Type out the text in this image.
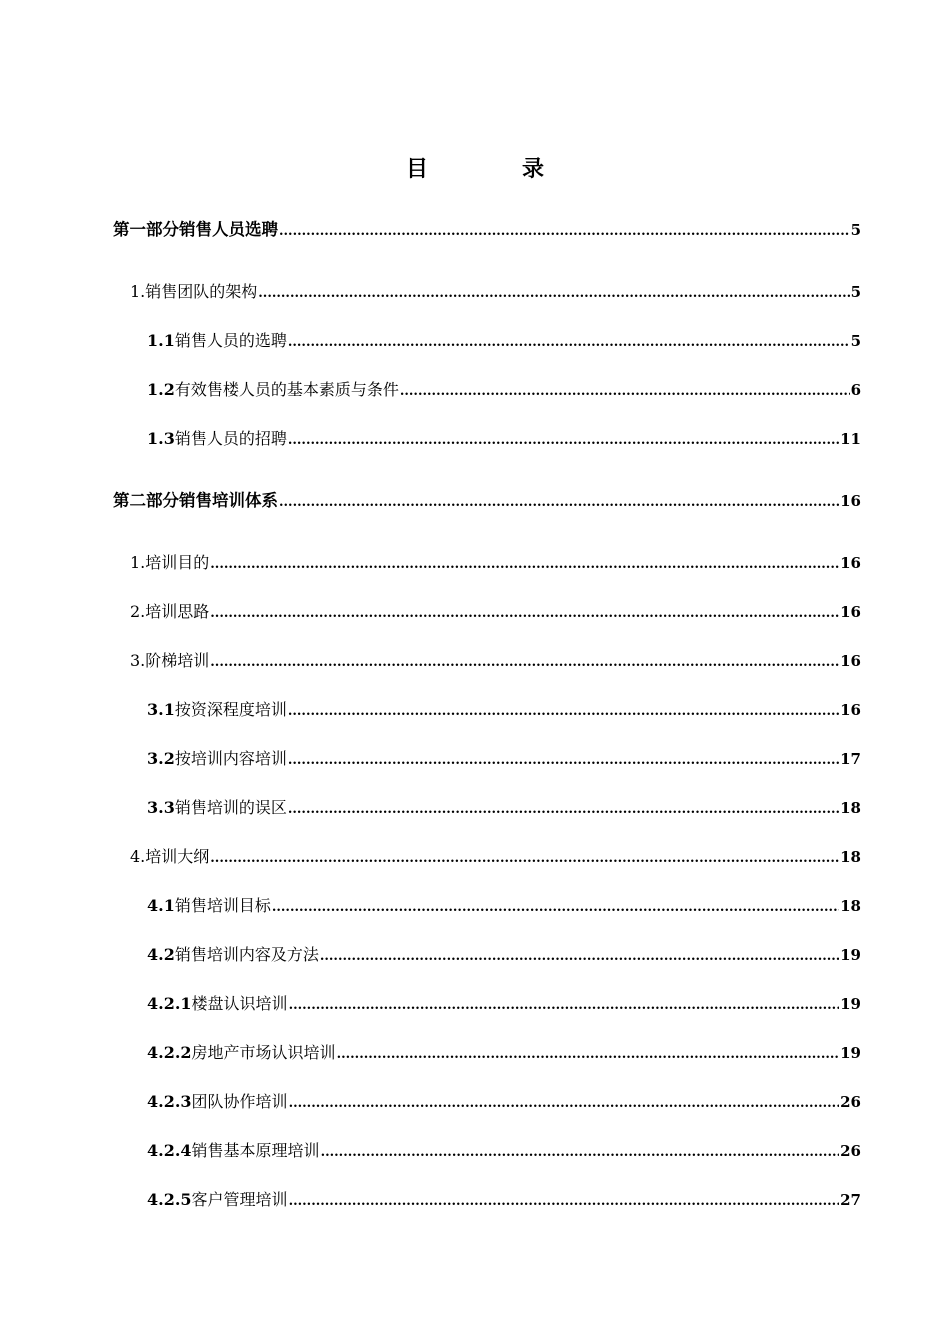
目　录
第一部分 销售人员选聘 .....	5
1. 销售团队的架构 .....	5
1.1 销售人员的选聘 .....	5
1.2 有效售楼人员的基本素质与条件 .....	6
1.3 销售人员的招聘 .....	11
第二部分 销售培训体系 .....	16
1. 培训目的 .....	16
2. 培训思路 .....	16
3. 阶梯培训 .....	16
3.1 按资深程度培训 .....	16
3.2 按培训内容培训 .....	17
3.3 销售培训的误区 .....	18
4. 培训大纲 .....	18
4.1 销售培训目标 .....	18
4.2 销售培训内容及方法 .....	19
4.2.1 楼盘认识培训 .....	19
4.2.2 房地产市场认识培训 .....	19
4.2.3 团队协作培训 .....	26
4.2.4 销售基本原理培训 .....	26
4.2.5 客户管理培训 .....	27
